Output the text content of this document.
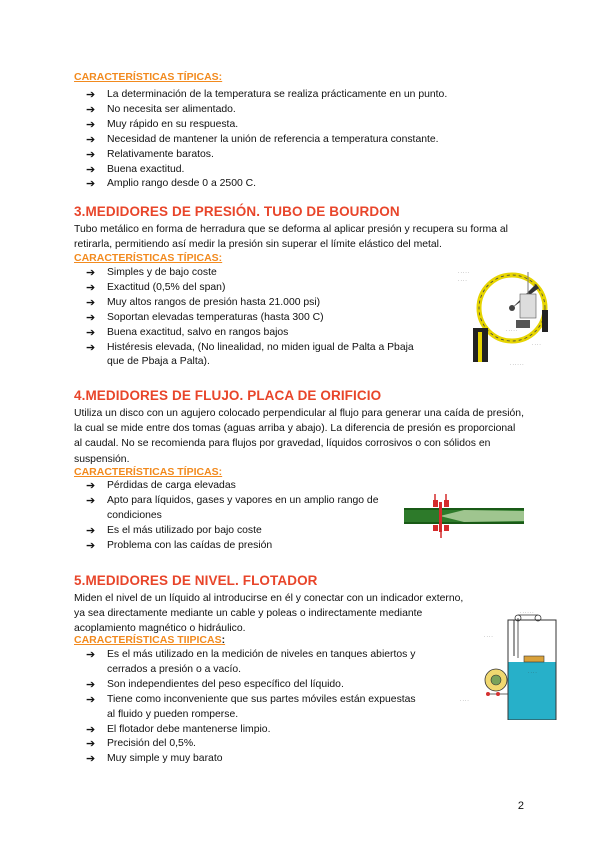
CARACTERÍSTICAS TÍPICAS:

➔ La determinación de la temperatura se realiza prácticamente en un punto.
➔ No necesita ser alimentado.
➔ Muy rápido en su respuesta.
➔ Necesidad de mantener la unión de referencia a temperatura constante.
➔ Relativamente baratos.
➔ Buena exactitud.
➔ Amplio rango desde 0 a 2500 C.
3.MEDIDORES DE PRESIÓN. TUBO DE BOURDON

Tubo metálico en forma de herradura que se deforma al aplicar presión y recupera su forma al retirarla, permitiendo así medir la presión sin superar el límite elástico del metal.

CARACTERÍSTICAS TÍPICAS:

➔ Simples y de bajo coste
➔ Exactitud (0,5% del span)
➔ Muy altos rangos de presión hasta 21.000 psi)
➔ Soportan elevadas temperaturas (hasta 300 C)
➔ Buena exactitud, salvo en rangos bajos
➔ Histéresis elevada, (No linealidad, no miden igual de Palta a Pbaja que de Pbaja a Palta).
· · · · ·
· · · ·
· · · · ·
· · · ·
· · · · · ·
4.MEDIDORES DE FLUJO. PLACA DE ORIFICIO

Utiliza un disco con un agujero colocado perpendicular al flujo para generar una caída de presión, la cual se mide entre dos tomas (aguas arriba y abajo). La diferencia de presión es proporcional al caudal. No se recomienda para flujos por gravedad, líquidos corrosivos o con sólidos en suspensión.

CARACTERÍSTICAS TÍPICAS:

➔ Pérdidas de carga elevadas
➔ Apto para líquidos, gases y vapores en un amplio rango de condiciones
➔ Es el más utilizado por bajo coste
➔ Problema con las caídas de presión
5.MEDIDORES DE NIVEL. FLOTADOR

Miden el nivel de un líquido al introducirse en él y conectar con un indicador externo, ya sea directamente mediante un cable y poleas o indirectamente mediante acoplamiento magnético o hidráulico.

CARACTERÍSTICAS TIIPICAS:

➔ Es el más utilizado en la medición de niveles en tanques abiertos y cerrados a presión o a vacío.
➔ Son independientes del peso específico del líquido.
➔ Tiene como inconveniente que sus partes móviles están expuestas al fluido y pueden romperse.
➔ El flotador debe mantenerse limpio.
➔ Precisión del 0,5%.
➔ Muy simple y muy barato
· · · · · ·
· · · ·
· · · ·
· · · ·
2
